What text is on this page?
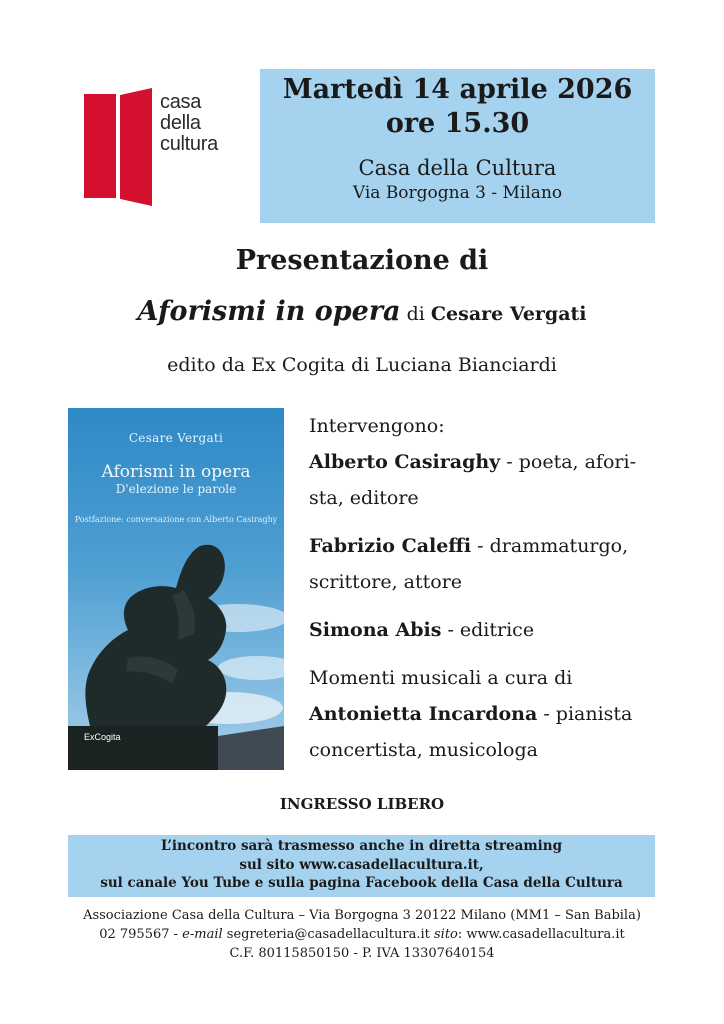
casa
della
cultura
Martedì 14 aprile 2026
ore 15.30
Casa della Cultura
Via Borgogna 3 - Milano
Presentazione di
Aforismi in opera di Cesare Vergati
edito da Ex Cogita di Luciana Bianciardi
Cesare Vergati
Aforismi in opera
D'elezione le parole
Postfazione: conversazione con Alberto Casiraghy
ExCogita
Intervengono:
Alberto Casiraghy - poeta, afori-
sta, editore
Fabrizio Caleffi - drammaturgo,
scrittore, attore
Simona Abis - editrice
Momenti musicali a cura di
Antonietta Incardona - pianista
concertista, musicologa
INGRESSO LIBERO
L’incontro sarà trasmesso anche in diretta streaming
sul sito www.casadellacultura.it,
sul canale You Tube e sulla pagina Facebook della Casa della Cultura
Associazione Casa della Cultura – Via Borgogna 3 20122 Milano (MM1 – San Babila)
02 795567 - e-mail segreteria@casadellacultura.it sito: www.casadellacultura.it
C.F. 80115850150 - P. IVA 13307640154
